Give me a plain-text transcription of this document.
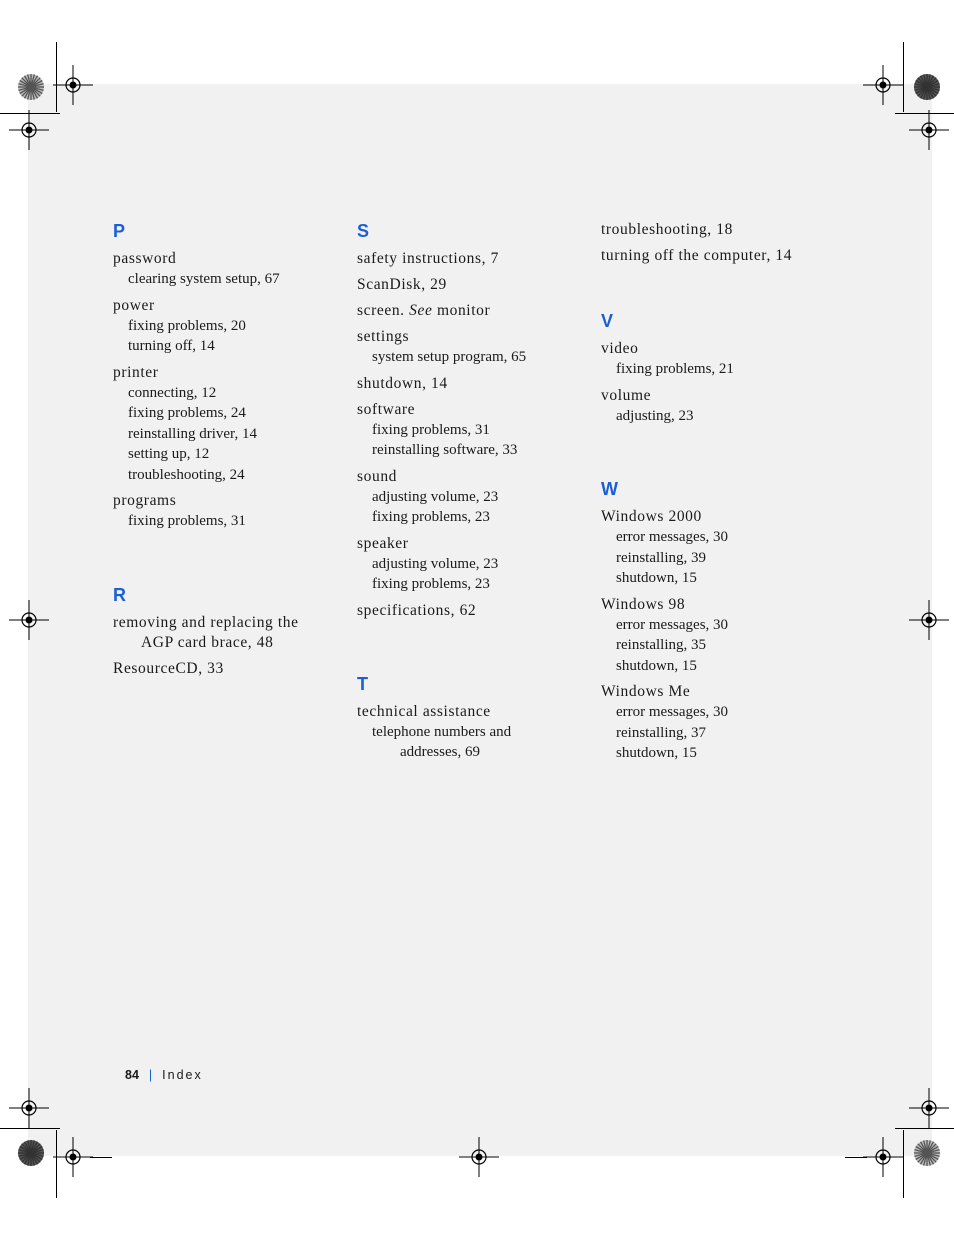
P
password
clearing system setup, 67
power
fixing problems, 20
turning off, 14
printer
connecting, 12
fixing problems, 24
reinstalling driver, 14
setting up, 12
troubleshooting, 24
programs
fixing problems, 31
R
removing and replacing the
AGP card brace, 48
ResourceCD, 33
S
safety instructions, 7
ScanDisk, 29
screen. See monitor
settings
system setup program, 65
shutdown, 14
software
fixing problems, 31
reinstalling software, 33
sound
adjusting volume, 23
fixing problems, 23
speaker
adjusting volume, 23
fixing problems, 23
specifications, 62
T
technical assistance
telephone numbers and
addresses, 69
troubleshooting, 18
turning off the computer, 14
V
video
fixing problems, 21
volume
adjusting, 23
W
Windows 2000
error messages, 30
reinstalling, 39
shutdown, 15
Windows 98
error messages, 30
reinstalling, 35
shutdown, 15
Windows Me
error messages, 30
reinstalling, 37
shutdown, 15
84 | Index
